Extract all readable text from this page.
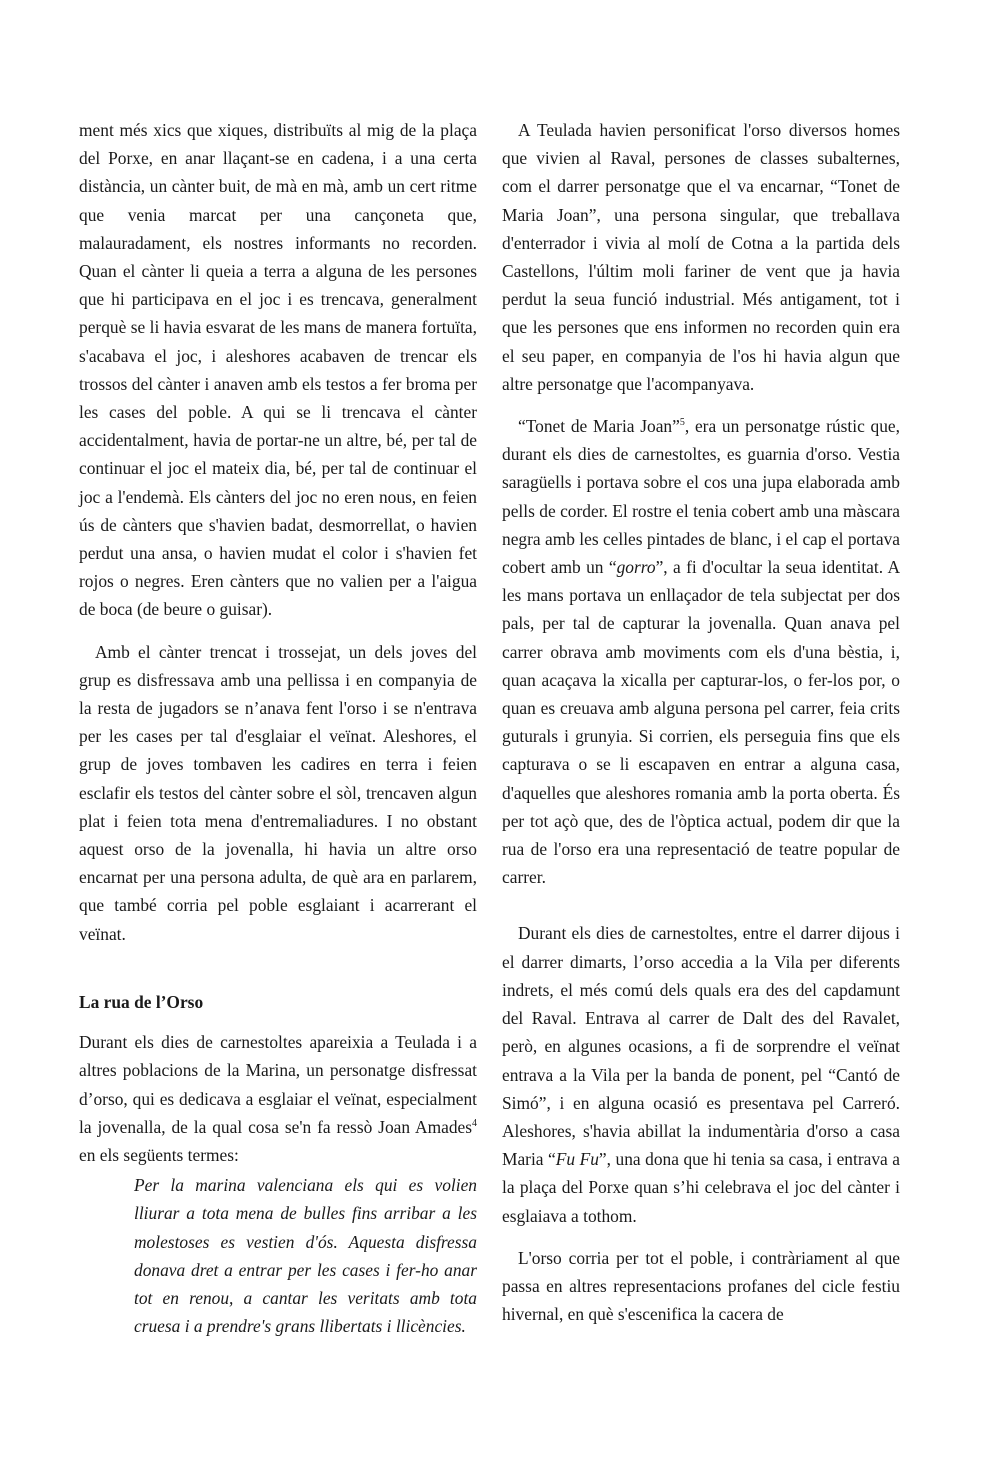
ment més xics que xiques, distribuïts al mig de la plaça del Porxe, en anar llaçant-se en cadena, i a una certa distància, un cànter buit, de mà en mà, amb un cert ritme que venia marcat per una cançoneta que, malauradament, els nostres informants no recorden. Quan el cànter li queia a terra a alguna de les persones que hi participava en el joc i es trencava, generalment perquè se li havia esvarat de les mans de manera fortuïta, s'acabava el joc, i aleshores acabaven de trencar els trossos del cànter i anaven amb els testos a fer broma per les cases del poble. A qui se li trencava el cànter accidentalment, havia de portar-ne un altre, bé, per tal de continuar el joc el mateix dia, bé, per tal de continuar el joc a l'endemà. Els cànters del joc no eren nous, en feien ús de cànters que s'havien badat, desmorrellat, o havien perdut una ansa, o havien mudat el color i s'havien fet rojos o negres. Eren cànters que no valien per a l'aigua de boca (de beure o guisar).

Amb el cànter trencat i trossejat, un dels joves del grup es disfressava amb una pellissa i en companyia de la resta de jugadors se n’anava fent l'orso i se n'entrava per les cases per tal d'esglaiar el veïnat. Aleshores, el grup de joves tombaven les cadires en terra i feien esclafir els testos del cànter sobre el sòl, trencaven algun plat i feien tota mena d'entremaliadures. I no obstant aquest orso de la jovenalla, hi havia un altre orso encarnat per una persona adulta, de què ara en parlarem, que també corria pel poble esglaiant i acarrerant el veïnat.

La rua de l’Orso

Durant els dies de carnestoltes apareixia a Teulada i a altres poblacions de la Marina, un personatge disfressat d’orso, qui es dedicava a esglaiar el veïnat, especialment la jovenalla, de la qual cosa se'n fa ressò Joan Amades$^4$ en els següents termes:

Per la marina valenciana els qui es volien lliurar a tota mena de bulles fins arribar a les molestoses es vestien d'ós. Aquesta disfressa donava dret a entrar per les cases i fer-ho anar tot en renou, a cantar les veritats amb tota cruesa i a prendre's grans llibertats i llicències.

A Teulada havien personificat l'orso diversos homes que vivien al Raval, persones de classes subalternes, com el darrer personatge que el va encarnar, “Tonet de Maria Joan”, una persona singular, que treballava d'enterrador i vivia al molí de Cotna a la partida dels Castellons, l'últim moli fariner de vent que ja havia perdut la seua funció industrial. Més antigament, tot i que les persones que ens informen no recorden quin era el seu paper, en companyia de l'os hi havia algun que altre personatge que l'acompanyava.

“Tonet de Maria Joan”$^5$, era un personatge rústic que, durant els dies de carnestoltes, es guarnia d'orso. Vestia saragüells i portava sobre el cos una jupa elaborada amb pells de corder. El rostre el tenia cobert amb una màscara negra amb les celles pintades de blanc, i el cap el portava cobert amb un “gorro”, a fi d'ocultar la seua identitat. A les mans portava un enllaçador de tela subjectat per dos pals, per tal de capturar la jovenalla. Quan anava pel carrer obrava amb moviments com els d'una bèstia, i, quan acaçava la xicalla per capturar-los, o fer-los por, o quan es creuava amb alguna persona pel carrer, feia crits guturals i grunyia. Si corrien, els perseguia fins que els capturava o se li escapaven en entrar a alguna casa, d'aquelles que aleshores romania amb la porta oberta. És per tot açò que, des de l'òptica actual, podem dir que la rua de l'orso era una representació de teatre popular de carrer.

Durant els dies de carnestoltes, entre el darrer dijous i el darrer dimarts, l’orso accedia a la Vila per diferents indrets, el més comú dels quals era des del capdamunt del Raval. Entrava al carrer de Dalt des del Ravalet, però, en algunes ocasions, a fi de sorprendre el veïnat entrava a la Vila per la banda de ponent, pel “Cantó de Simó”, i en alguna ocasió es presentava pel Carreró. Aleshores, s'havia abillat la indumentària d'orso a casa Maria “Fu Fu”, una dona que hi tenia sa casa, i entrava a la plaça del Porxe quan s’hi celebrava el joc del cànter i esglaiava a tothom.

L'orso corria per tot el poble, i contràriament al que passa en altres representacions profanes del cicle festiu hivernal, en què s'escenifica la cacera de
